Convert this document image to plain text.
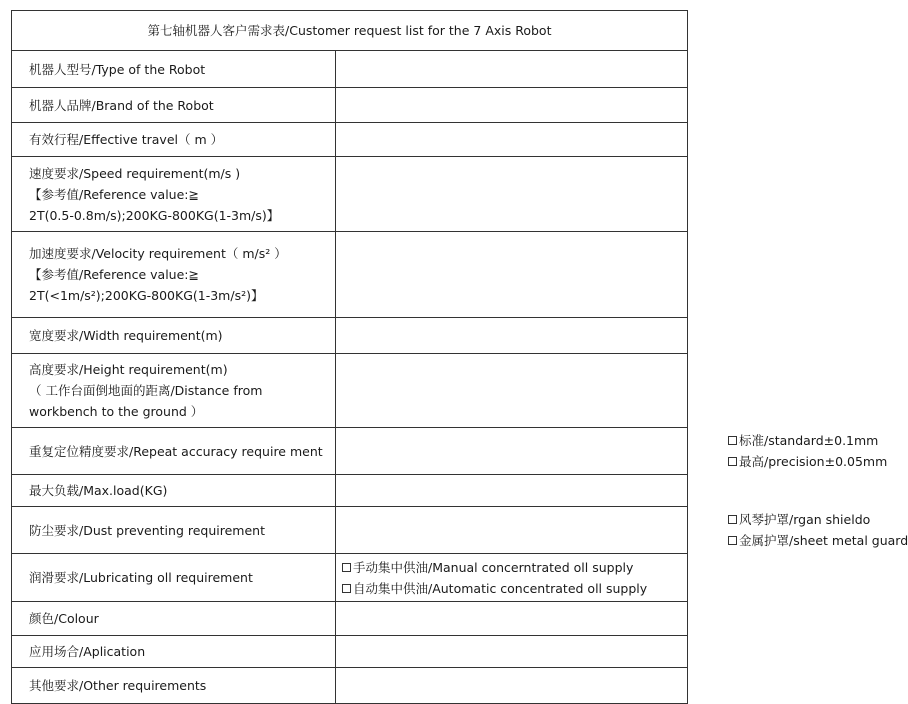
第七轴机器人客户需求表/Customer request list for the 7 Axis Robot	
机器人型号/Type of the Robot	
机器人品牌/Brand of the Robot	
有效行程/Effective travel（ m ）	

速度要求/Speed requirement(m/s )
【参考值/Reference value:≧
2T(0.5-0.8m/s);200KG-800KG(1-3m/s)】	

加速度要求/Velocity requirement（ m/s² ）
【参考值/Reference value:≧
2T(<1m/s²);200KG-800KG(1-3m/s²)】	

宽度要求/Width requirement(m)	

高度要求/Height requirement(m)
（ 工作台面倒地面的距离/Distance from
workbench to the ground ）	

重复定位精度要求/Repeat accuracy require ment	标准/standard ±0.1mm
最高/precision ±0.05mm

最大负载/Max.load(KG)	
防尘要求/Dust preventing requirement	风琴护罩/rgan shieldo
金属护罩/sheet metal guard

润滑要求/Lubricating oll requirement	手动集中供油/Manual concerntrated oll supply
自动集中供油/Automatic concentrated oll supply

颜色/Colour	
应用场合/Aplication	
其他要求/Other requirements	
